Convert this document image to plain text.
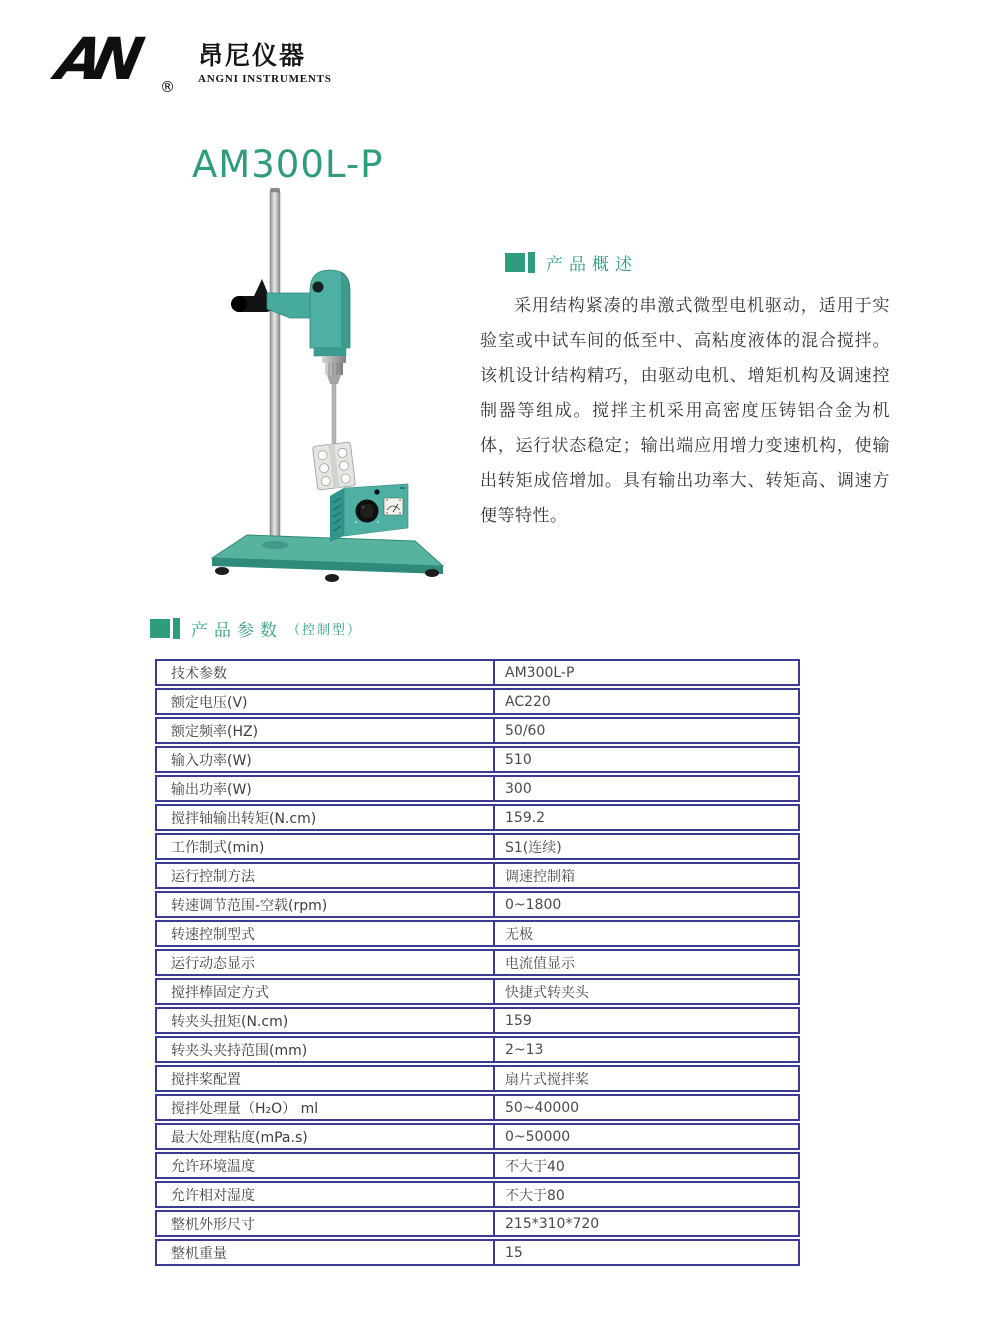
AN ®
昂尼仪器
ANGNI INSTRUMENTS
AM300L-P
产品概述

采用结构紧凑的串激式微型电机驱动，适用于实验室或中试车间的低至中、高粘度液体的混合搅拌。该机设计结构精巧，由驱动电机、增矩机构及调速控制器等组成。搅拌主机采用高密度压铸铝合金为机体，运行状态稳定；输出端应用增力变速机构，使输出转矩成倍增加。具有输出功率大、转矩高、调速方便等特性。

产品参数 （控制型）
技术参数	AM300L-P
额定电压(V)	AC220
额定频率(HZ)	50/60
输入功率(W)	510
输出功率(W)	300
搅拌轴输出转矩(N.cm)	159.2
工作制式(min)	S1(连续)
运行控制方法	调速控制箱
转速调节范围-空载(rpm)	0~1800
转速控制型式	无极
运行动态显示	电流值显示
搅拌棒固定方式	快捷式转夹头
转夹头扭矩(N.cm)	159
转夹头夹持范围(mm)	2~13
搅拌桨配置	扇片式搅拌桨
搅拌处理量（H₂O） ml	50~40000
最大处理粘度(mPa.s)	0~50000
允许环境温度	不大于40
允许相对湿度	不大于80
整机外形尺寸	215*310*720
整机重量	15
